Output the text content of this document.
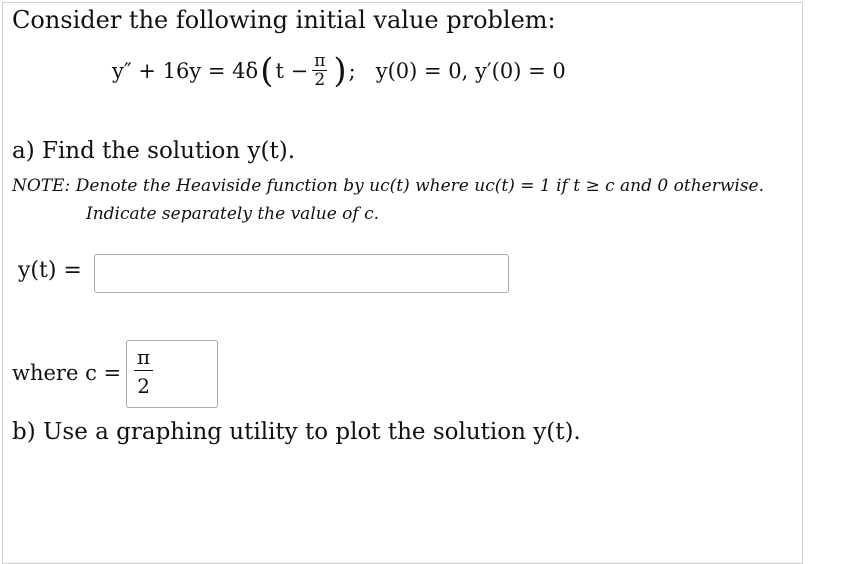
Consider the following initial value problem:
y″ + 16y = 4δ ( $t - \frac{\pi}{2}$ ) ; y(0) = 0, y′(0) = 0
a) Find the solution y(t).
NOTE: Denote the Heaviside function by uc(t) where uc(t) = 1 if t ≥ c and 0 otherwise.
Indicate separately the value of c.
y(t) =
where $c = \frac{\pi}{2}$
b) Use a graphing utility to plot the solution y(t).
